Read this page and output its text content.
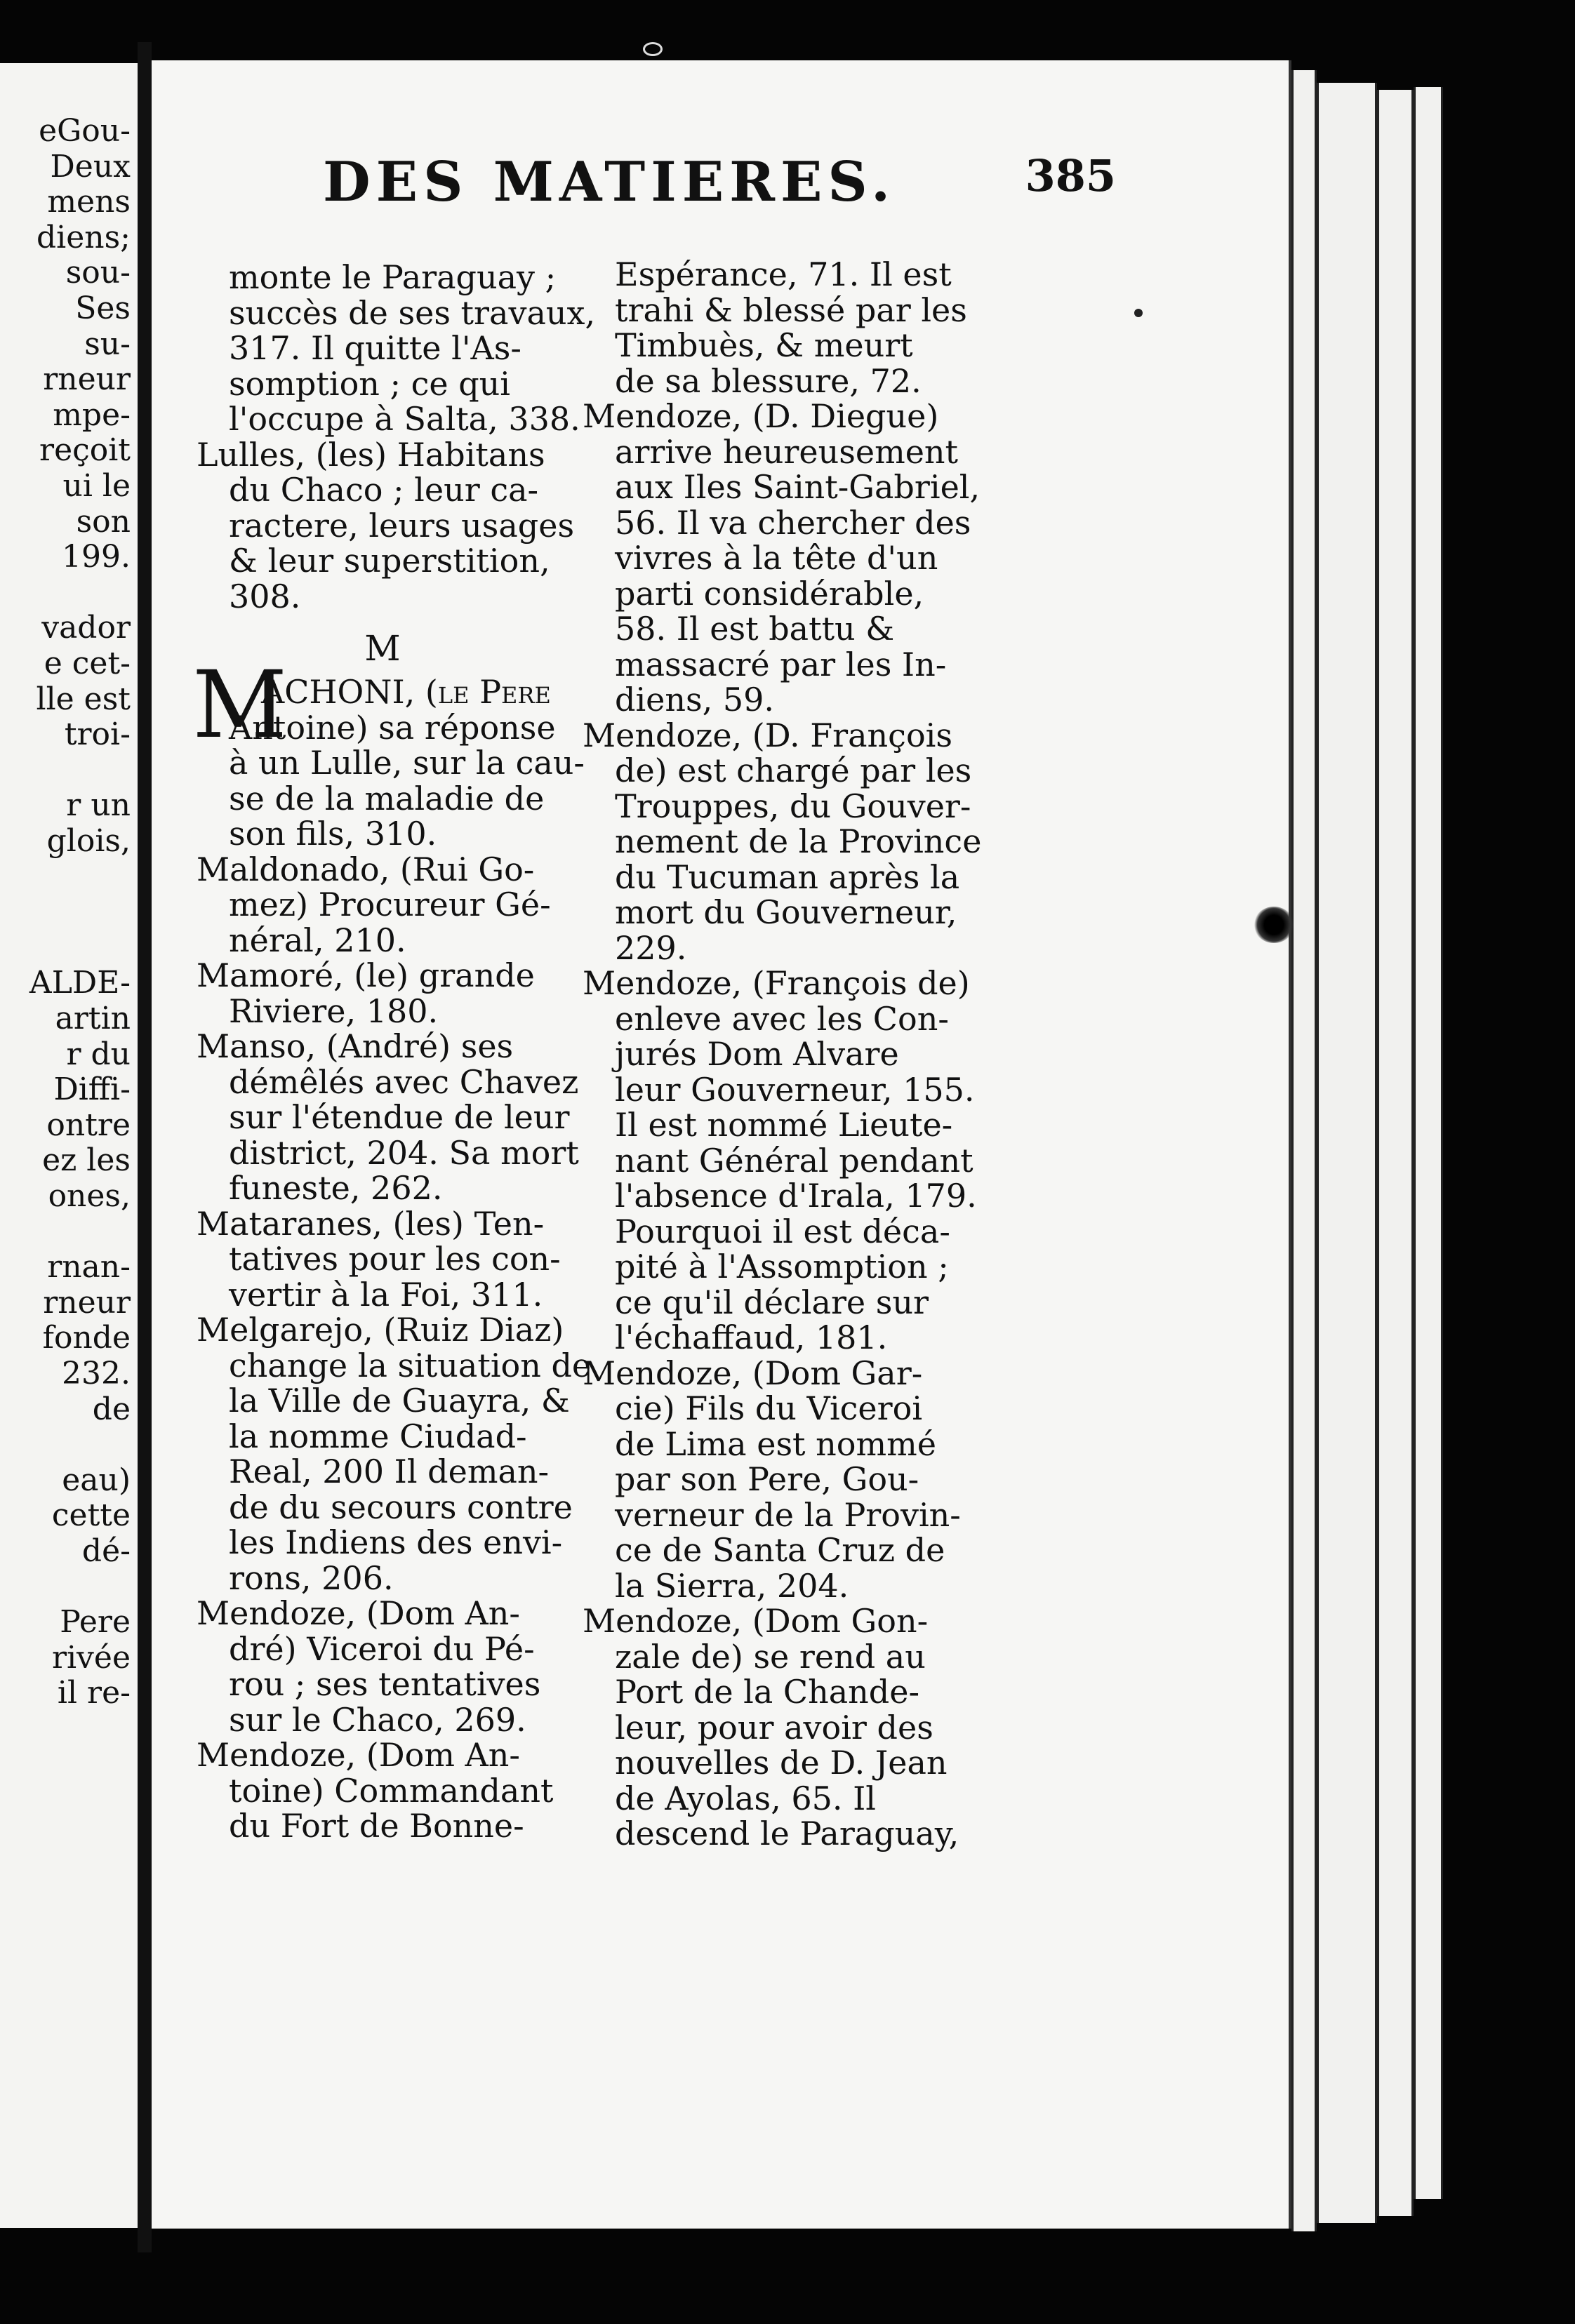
eGou-
Deux
mens
diens;
sou-
Ses
su-
rneur
mpe-
reçoit
ui le
son
199.
vador
e cet-
lle est
troi-
r un
glois,
ALDE-
artin
r du
Diffi-
ontre
ez les
ones,
rnan-
rneur
fonde
232.
de
eau)
cette
dé-
Pere
rivée
il re-
DES MATIERES.	385
monte le Paraguay ;
succès de ses travaux,
317. Il quitte l'As-
somption ; ce qui
l'occupe à Salta, 338.
Lulles, (les) Habitans
du Chaco ; leur ca-
ractere, leurs usages
& leur superstition,
308.
M
M
ACHONI, (le Pere
Antoine) sa réponse
à un Lulle, sur la cau-
se de la maladie de
son fils, 310.
Maldonado, (Rui Go-
mez) Procureur Gé-
néral, 210.
Mamoré, (le) grande
Riviere, 180.
Manso, (André) ses
démêlés avec Chavez
sur l'étendue de leur
district, 204. Sa mort
funeste, 262.
Mataranes, (les) Ten-
tatives pour les con-
vertir à la Foi, 311.
Melgarejo, (Ruiz Diaz)
change la situation de
la Ville de Guayra, &
la nomme Ciudad-
Real, 200 Il deman-
de du secours contre
les Indiens des envi-
rons, 206.
Mendoze, (Dom An-
dré) Viceroi du Pé-
rou ; ses tentatives
sur le Chaco, 269.
Mendoze, (Dom An-
toine) Commandant
du Fort de Bonne-
Espérance, 71. Il est
trahi & blessé par les
Timbuès, & meurt
de sa blessure, 72.
Mendoze, (D. Diegue)
arrive heureusement
aux Iles Saint-Gabriel,
56. Il va chercher des
vivres à la tête d'un
parti considérable,
58. Il est battu &
massacré par les In-
diens, 59.
Mendoze, (D. François
de) est chargé par les
Trouppes, du Gouver-
nement de la Province
du Tucuman après la
mort du Gouverneur,
229.
Mendoze, (François de)
enleve avec les Con-
jurés Dom Alvare
leur Gouverneur, 155.
Il est nommé Lieute-
nant Général pendant
l'absence d'Irala, 179.
Pourquoi il est déca-
pité à l'Assomption ;
ce qu'il déclare sur
l'échaffaud, 181.
Mendoze, (Dom Gar-
cie) Fils du Viceroi
de Lima est nommé
par son Pere, Gou-
verneur de la Provin-
ce de Santa Cruz de
la Sierra, 204.
Mendoze, (Dom Gon-
zale de) se rend au
Port de la Chande-
leur, pour avoir des
nouvelles de D. Jean
de Ayolas, 65. Il
descend le Paraguay,
